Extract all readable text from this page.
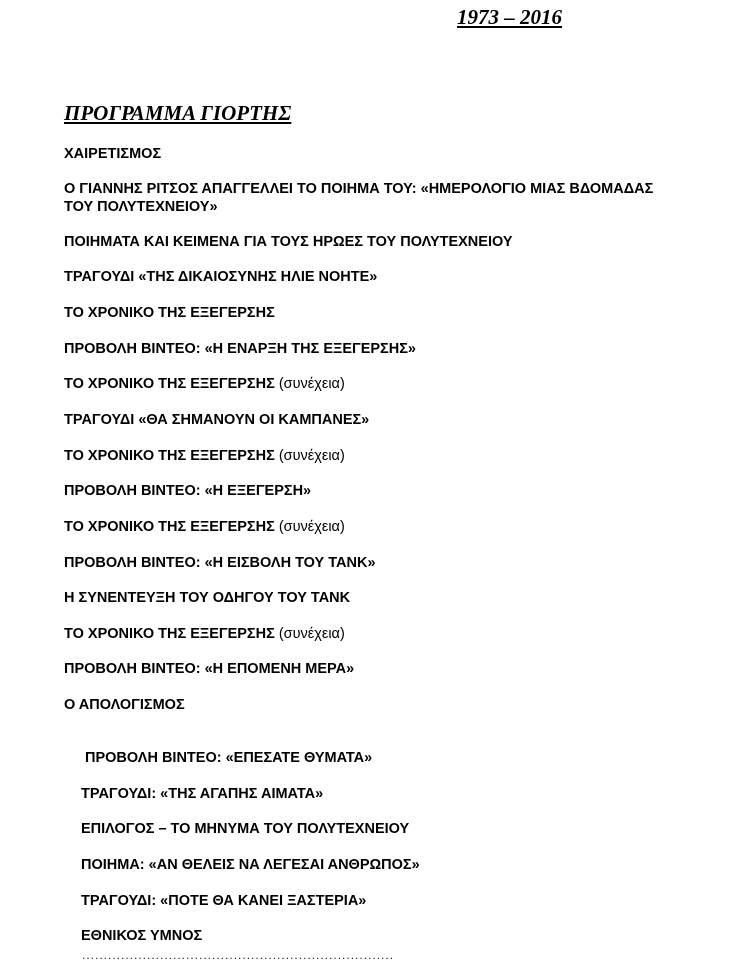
1973 – 2016
ΠΡΟΓΡΑΜΜΑ ΓΙΟΡΤΗΣ
ΧΑΙΡΕΤΙΣΜΟΣ
Ο ΓΙΑΝΝΗΣ ΡΙΤΣΟΣ ΑΠΑΓΓΕΛΛΕΙ ΤΟ ΠΟΙΗΜΑ ΤΟΥ: «ΗΜΕΡΟΛΟΓΙΟ ΜΙΑΣ ΒΔΟΜΑΔΑΣ
ΤΟΥ ΠΟΛΥΤΕΧΝΕΙΟΥ»
ΠΟΙΗΜΑΤΑ ΚΑΙ ΚΕΙΜΕΝΑ ΓΙΑ ΤΟΥΣ ΗΡΩΕΣ ΤΟΥ ΠΟΛΥΤΕΧΝΕΙΟΥ
ΤΡΑΓΟΥΔΙ «ΤΗΣ ΔΙΚΑΙΟΣΥΝΗΣ ΗΛΙΕ ΝΟΗΤΕ»
ΤΟ ΧΡΟΝΙΚΟ ΤΗΣ ΕΞΕΓΕΡΣΗΣ
ΠΡΟΒΟΛΗ ΒΙΝΤΕΟ: «Η ΕΝΑΡΞΗ ΤΗΣ ΕΞΕΓΕΡΣΗΣ»
ΤΟ ΧΡΟΝΙΚΟ ΤΗΣ ΕΞΕΓΕΡΣΗΣ (συνέχεια)
ΤΡΑΓΟΥΔΙ «ΘΑ ΣΗΜΑΝΟΥΝ ΟΙ ΚΑΜΠΑΝΕΣ»
ΤΟ ΧΡΟΝΙΚΟ ΤΗΣ ΕΞΕΓΕΡΣΗΣ (συνέχεια)
ΠΡΟΒΟΛΗ ΒΙΝΤΕΟ: «Η ΕΞΕΓΕΡΣΗ»
ΤΟ ΧΡΟΝΙΚΟ ΤΗΣ ΕΞΕΓΕΡΣΗΣ (συνέχεια)
ΠΡΟΒΟΛΗ ΒΙΝΤΕΟ: «Η ΕΙΣΒΟΛΗ ΤΟΥ ΤΑΝΚ»
Η ΣΥΝΕΝΤΕΥΞΗ ΤΟΥ ΟΔΗΓΟΥ ΤΟΥ ΤΑΝΚ
ΤΟ ΧΡΟΝΙΚΟ ΤΗΣ ΕΞΕΓΕΡΣΗΣ (συνέχεια)
ΠΡΟΒΟΛΗ ΒΙΝΤΕΟ: «Η ΕΠΟΜΕΝΗ ΜΕΡΑ»
Ο ΑΠΟΛΟΓΙΣΜΟΣ
ΠΡΟΒΟΛΗ ΒΙΝΤΕΟ: «ΕΠΕΣΑΤΕ ΘΥΜΑΤΑ»
ΤΡΑΓΟΥΔΙ: «ΤΗΣ ΑΓΑΠΗΣ ΑΙΜΑΤΑ»
ΕΠΙΛΟΓΟΣ – ΤΟ ΜΗΝΥΜΑ ΤΟΥ ΠΟΛΥΤΕΧΝΕΙΟΥ
ΠΟΙΗΜΑ: «ΑΝ ΘΕΛΕΙΣ ΝΑ ΛΕΓΕΣΑΙ ΑΝΘΡΩΠΟΣ»
ΤΡΑΓΟΥΔΙ: «ΠΟΤΕ ΘΑ ΚΑΝΕΙ ΞΑΣΤΕΡΙΑ»
ΕΘΝΙΚΟΣ ΥΜΝΟΣ
........................................................................
